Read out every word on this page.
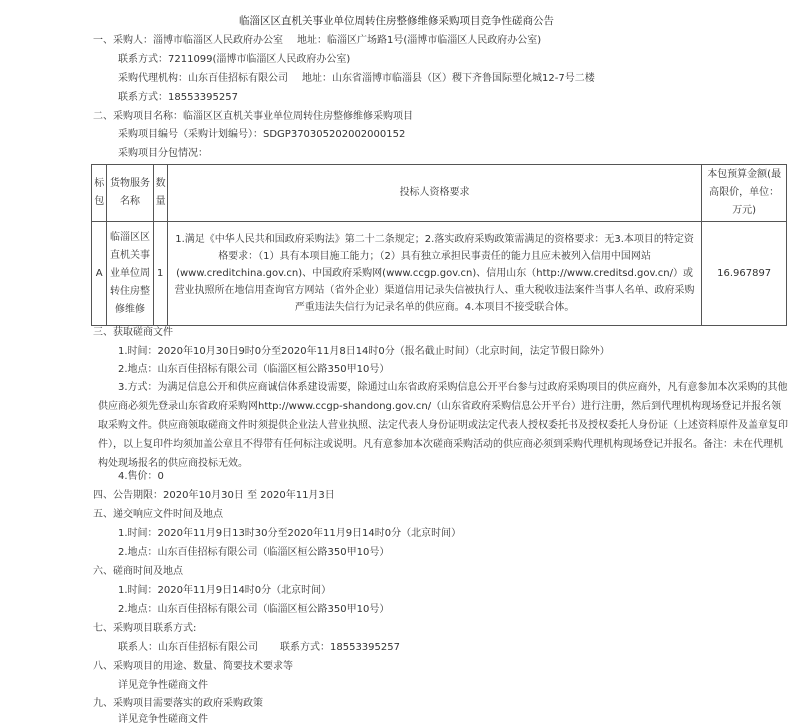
临淄区区直机关事业单位周转住房整修维修采购项目竞争性磋商公告
一、采购人：淄博市临淄区人民政府办公室 地址：临淄区广场路1号(淄博市临淄区人民政府办公室)
联系方式：7211099(淄博市临淄区人民政府办公室)
采购代理机构：山东百佳招标有限公司 地址：山东省淄博市临淄县（区）稷下齐鲁国际塑化城12-7号二楼
联系方式：18553395257
二、采购项目名称：临淄区区直机关事业单位周转住房整修维修采购项目
采购项目编号（采购计划编号）：SDGP370305202002000152
采购项目分包情况：
标包	货物服务名称	数量	投标人资格要求	本包预算金额(最高限价，单位：万元)
A	临淄区区直机关事业单位周转住房整修维修	1	1.满足《中华人民共和国政府采购法》第二十二条规定；2.落实政府采购政策需满足的资格要求：无3.本项目的特定资格要求：（1）具有本项目施工能力；（2）具有独立承担民事责任的能力且应未被列入信用中国网站(www.creditchina.gov.cn)、中国政府采购网(www.ccgp.gov.cn)、信用山东（http://www.creditsd.gov.cn/）或营业执照所在地信用查询官方网站（省外企业）渠道信用记录失信被执行人、重大税收违法案件当事人名单、政府采购严重违法失信行为记录名单的供应商。4.本项目不接受联合体。	16.967897
三、获取磋商文件
1.时间：2020年10月30日9时0分至2020年11月8日14时0分（报名截止时间）（北京时间，法定节假日除外）
2.地点：山东百佳招标有限公司（临淄区桓公路350甲10号）
3.方式：为满足信息公开和供应商诚信体系建设需要，除通过山东省政府采购信息公开平台参与过政府采购项目的供应商外，凡有意参加本次采购的其他供应商必须先登录山东省政府采购网http://www.ccgp-shandong.gov.cn/（山东省政府采购信息公开平台）进行注册，然后到代理机构现场登记并报名领取采购文件。供应商领取磋商文件时须提供企业法人营业执照、法定代表人身份证明或法定代表人授权委托书及授权委托人身份证（上述资料原件及盖章复印件），以上复印件均须加盖公章且不得带有任何标注或说明。凡有意参加本次磋商采购活动的供应商必须到采购代理机构现场登记并报名。备注：未在代理机构处现场报名的供应商投标无效。
4.售价：0
四、公告期限：2020年10月30日 至 2020年11月3日
五、递交响应文件时间及地点
1.时间：2020年11月9日13时30分至2020年11月9日14时0分（北京时间）
2.地点：山东百佳招标有限公司（临淄区桓公路350甲10号）
六、磋商时间及地点
1.时间：2020年11月9日14时0分（北京时间）
2.地点：山东百佳招标有限公司（临淄区桓公路350甲10号）
七、采购项目联系方式:
联系人：山东百佳招标有限公司 联系方式：18553395257
八、采购项目的用途、数量、简要技术要求等
详见竞争性磋商文件
九、采购项目需要落实的政府采购政策
详见竞争性磋商文件
